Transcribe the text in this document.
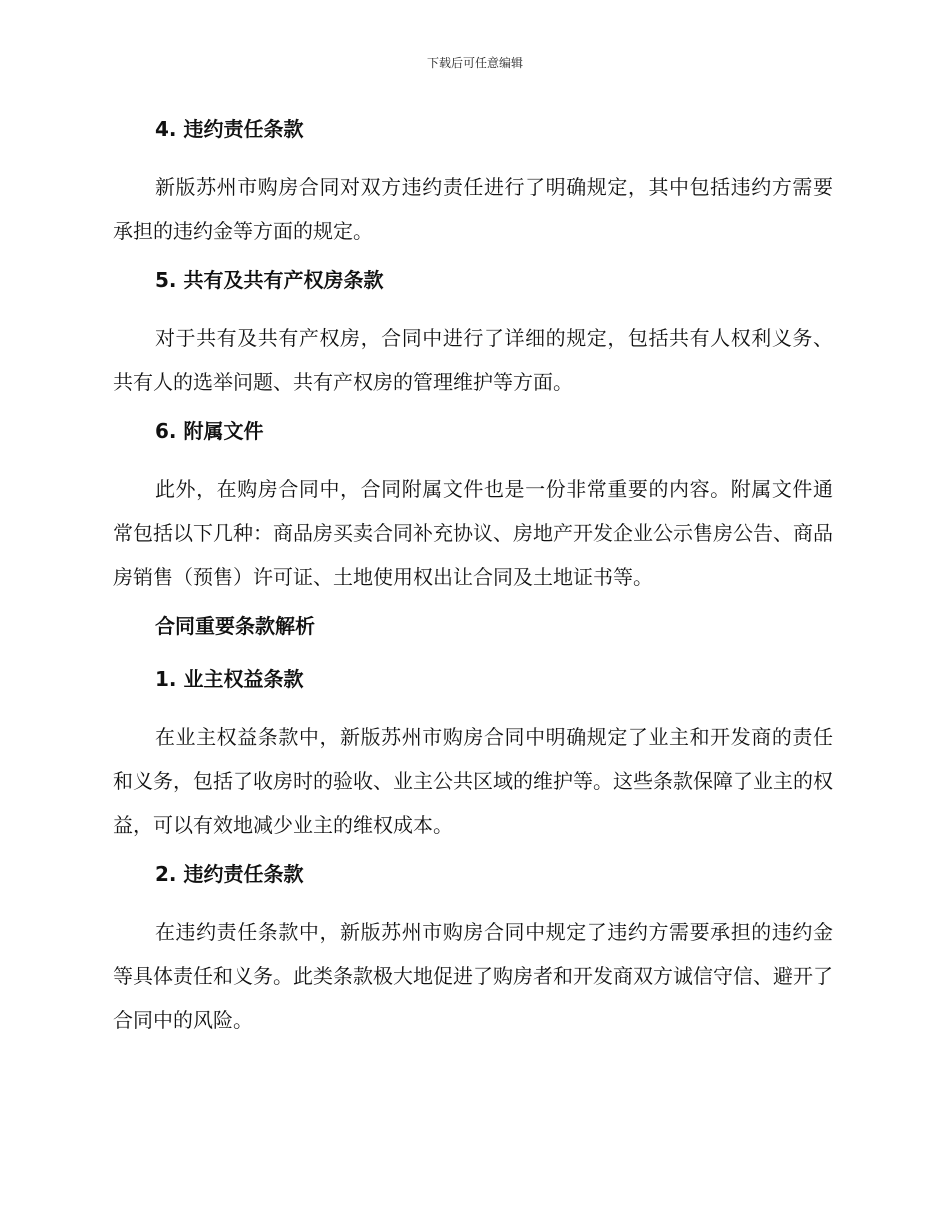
下载后可任意编辑
4. 违约责任条款
新版苏州市购房合同对双方违约责任进行了明确规定，其中包括违约方需要承担的违约金等方面的规定。
5. 共有及共有产权房条款
对于共有及共有产权房，合同中进行了详细的规定，包括共有人权利义务、共有人的选举问题、共有产权房的管理维护等方面。
6. 附属文件
此外，在购房合同中，合同附属文件也是一份非常重要的内容。附属文件通常包括以下几种：商品房买卖合同补充协议、房地产开发企业公示售房公告、商品房销售（预售）许可证、土地使用权出让合同及土地证书等。
合同重要条款解析
1. 业主权益条款
在业主权益条款中，新版苏州市购房合同中明确规定了业主和开发商的责任和义务，包括了收房时的验收、业主公共区域的维护等。这些条款保障了业主的权益，可以有效地减少业主的维权成本。
2. 违约责任条款
在违约责任条款中，新版苏州市购房合同中规定了违约方需要承担的违约金等具体责任和义务。此类条款极大地促进了购房者和开发商双方诚信守信、避开了合同中的风险。
